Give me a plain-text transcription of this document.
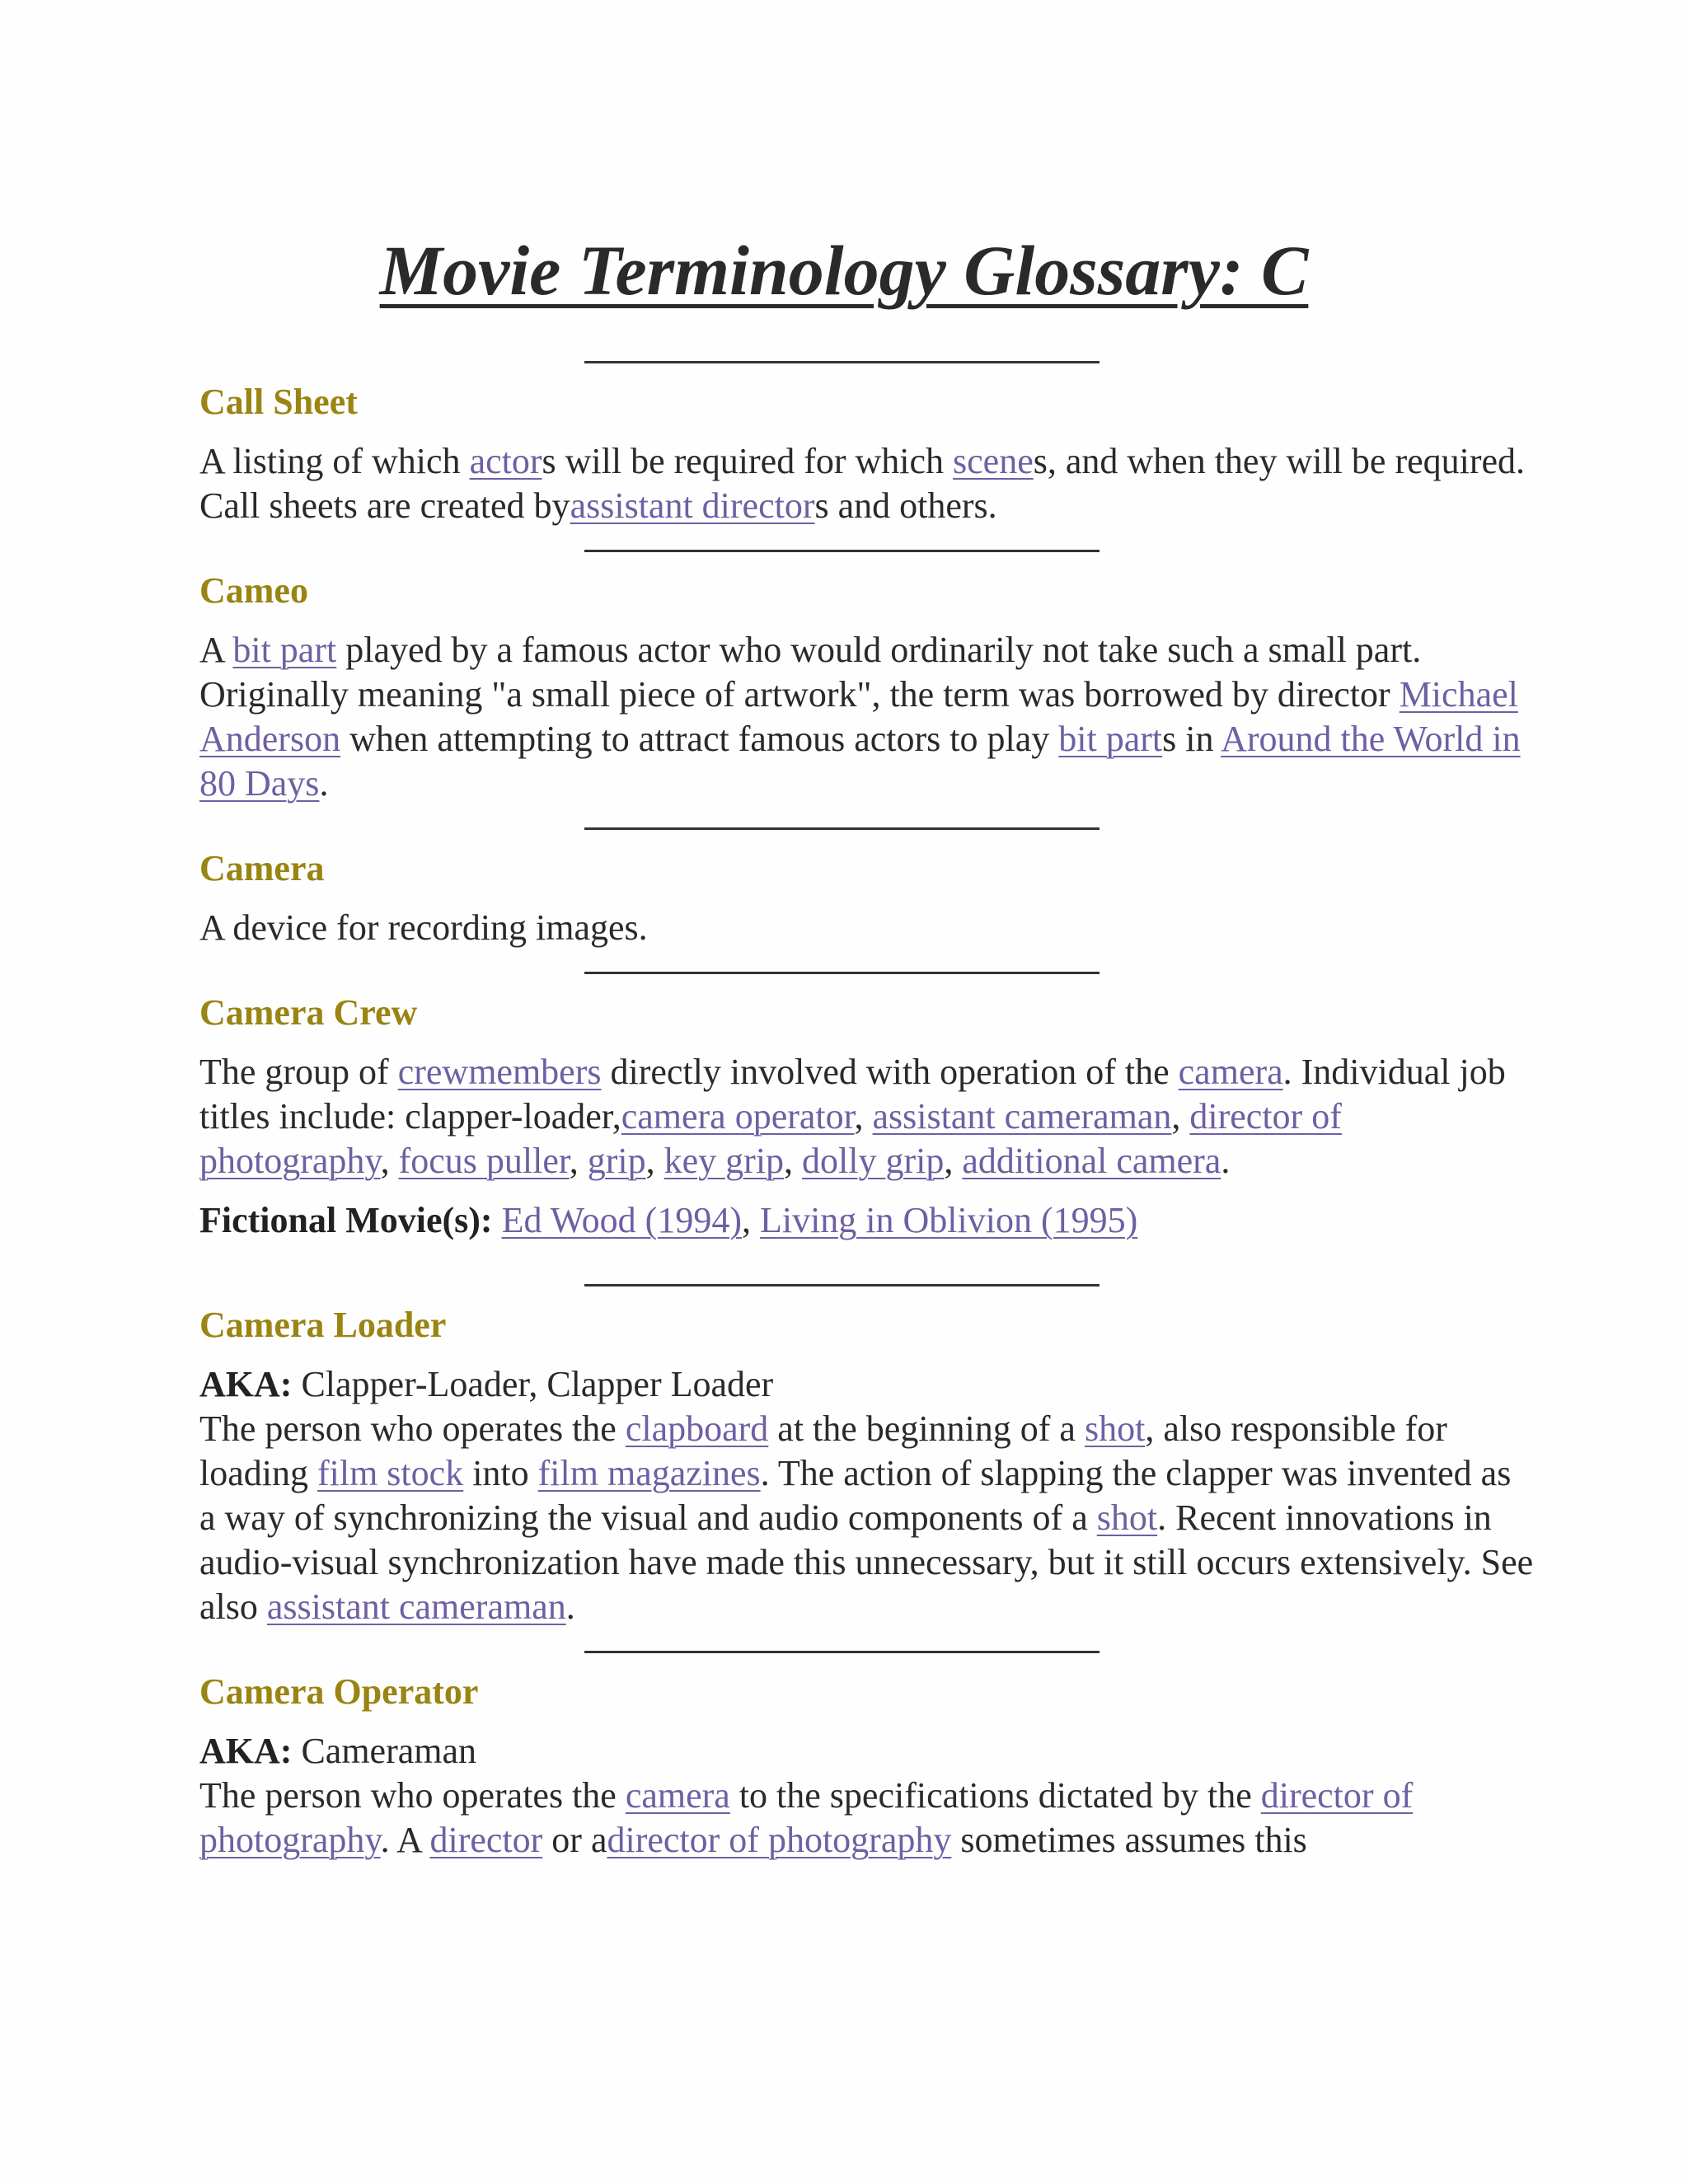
Movie Terminology Glossary: C
Call Sheet

A listing of which actors will be required for which scenes, and when they will be required. Call sheets are created byassistant directors and others.

Cameo

A bit part played by a famous actor who would ordinarily not take such a small part. Originally meaning "a small piece of artwork", the term was borrowed by director Michael Anderson when attempting to attract famous actors to play bit parts in Around the World in 80 Days.

Camera

A device for recording images.

Camera Crew

The group of crewmembers directly involved with operation of the camera. Individual job titles include: clapper-loader,camera operator, assistant cameraman, director of photography, focus puller, grip, key grip, dolly grip, additional camera.

Fictional Movie(s): Ed Wood (1994), Living in Oblivion (1995)

Camera Loader

AKA: Clapper-Loader, Clapper Loader

The person who operates the clapboard at the beginning of a shot, also responsible for loading film stock into film magazines. The action of slapping the clapper was invented as a way of synchronizing the visual and audio components of a shot. Recent innovations in audio-visual synchronization have made this unnecessary, but it still occurs extensively. See also assistant cameraman.

Camera Operator

AKA: Cameraman

The person who operates the camera to the specifications dictated by the director of photography. A director or adirector of photography sometimes assumes this
